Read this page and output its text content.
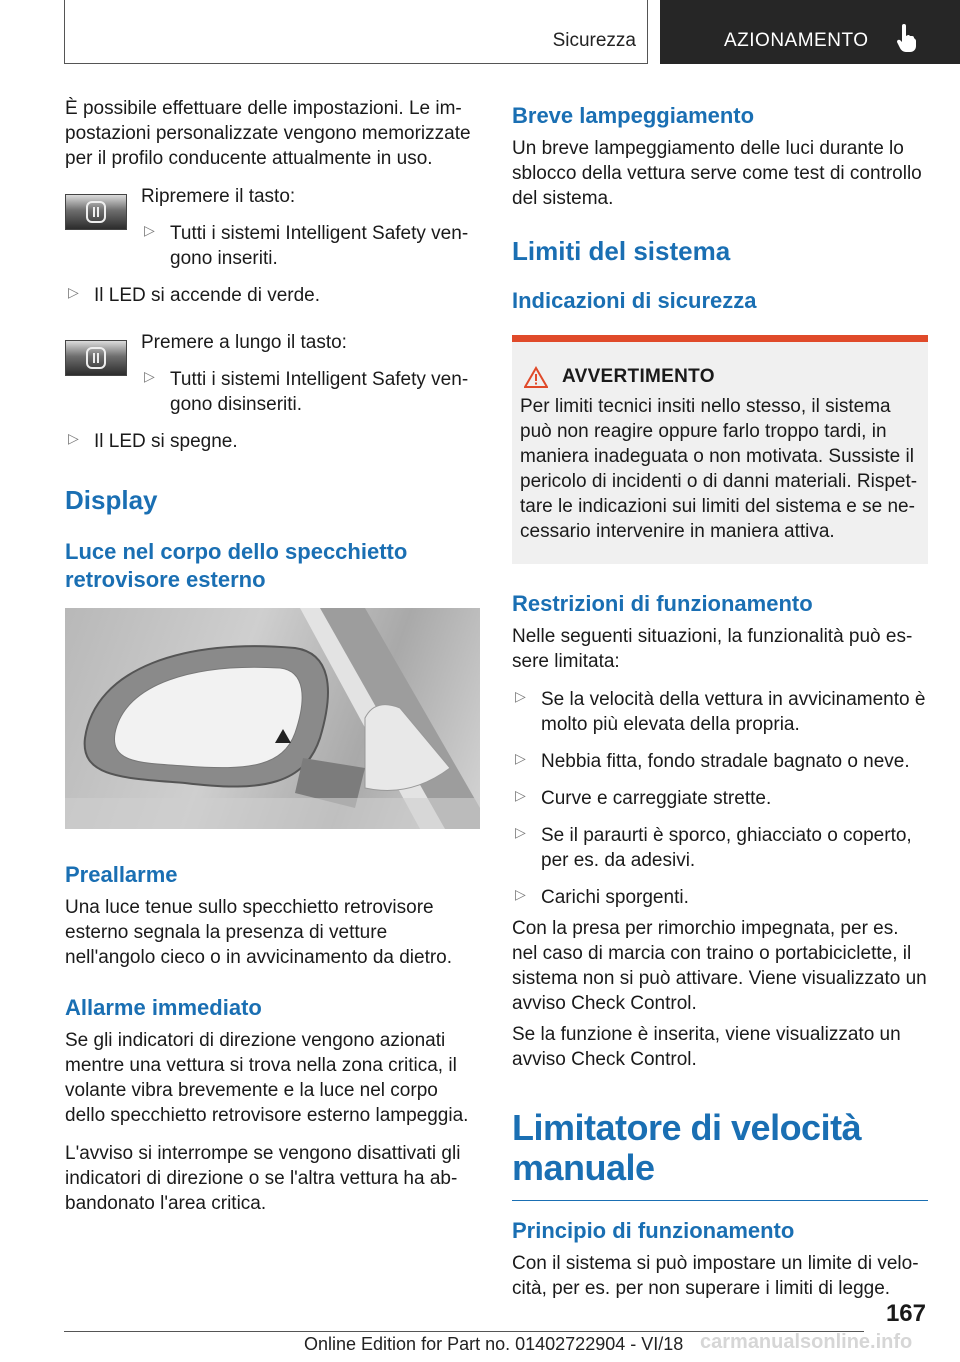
Sicurezza	AZIONAMENTO

È possibile effettuare delle impostazioni. Le impostazioni personalizzate vengono memorizzate per il profilo conducente attualmente in uso.

Ripremere il tasto:

▷ Tutti i sistemi Intelligent Safety vengono inseriti.

▷ Il LED si accende di verde.

Premere a lungo il tasto:

▷ Tutti i sistemi Intelligent Safety vengono disinseriti.

▷ Il LED si spegne.

Display
Luce nel corpo dello specchietto retrovisore esterno
Preallarme

Una luce tenue sullo specchietto retrovisore esterno segnala la presenza di vetture nell'angolo cieco o in avvicinamento da dietro.

Allarme immediato

Se gli indicatori di direzione vengono azionati mentre una vettura si trova nella zona critica, il volante vibra brevemente e la luce nel corpo dello specchietto retrovisore esterno lampeggia.

L'avviso si interrompe se vengono disattivati gli indicatori di direzione o se l'altra vettura ha abbandonato l'area critica.

Breve lampeggiamento

Un breve lampeggiamento delle luci durante lo sblocco della vettura serve come test di controllo del sistema.

Limiti del sistema
Indicazioni di sicurezza
AVVERTIMENTO

Per limiti tecnici insiti nello stesso, il sistema può non reagire oppure farlo troppo tardi, in maniera inadeguata o non motivata. Sussiste il pericolo di incidenti o di danni materiali. Rispettare le indicazioni sui limiti del sistema e se necessario intervenire in maniera attiva.

Restrizioni di funzionamento

Nelle seguenti situazioni, la funzionalità può essere limitata:

▷ Se la velocità della vettura in avvicinamento è molto più elevata della propria.

▷ Nebbia fitta, fondo stradale bagnato o neve.

▷ Curve e carreggiate strette.

▷ Se il paraurti è sporco, ghiacciato o coperto, per es. da adesivi.

▷ Carichi sporgenti.

Con la presa per rimorchio impegnata, per es. nel caso di marcia con traino o portabiciclette, il sistema non si può attivare. Viene visualizzato un avviso Check Control.

Se la funzione è inserita, viene visualizzato un avviso Check Control.

Limitatore di velocità manuale
Principio di funzionamento

Con il sistema si può impostare un limite di velocità, per es. per non superare i limiti di legge.

167
Online Edition for Part no. 01402722904 - VI/18 carmanualsonline.info
